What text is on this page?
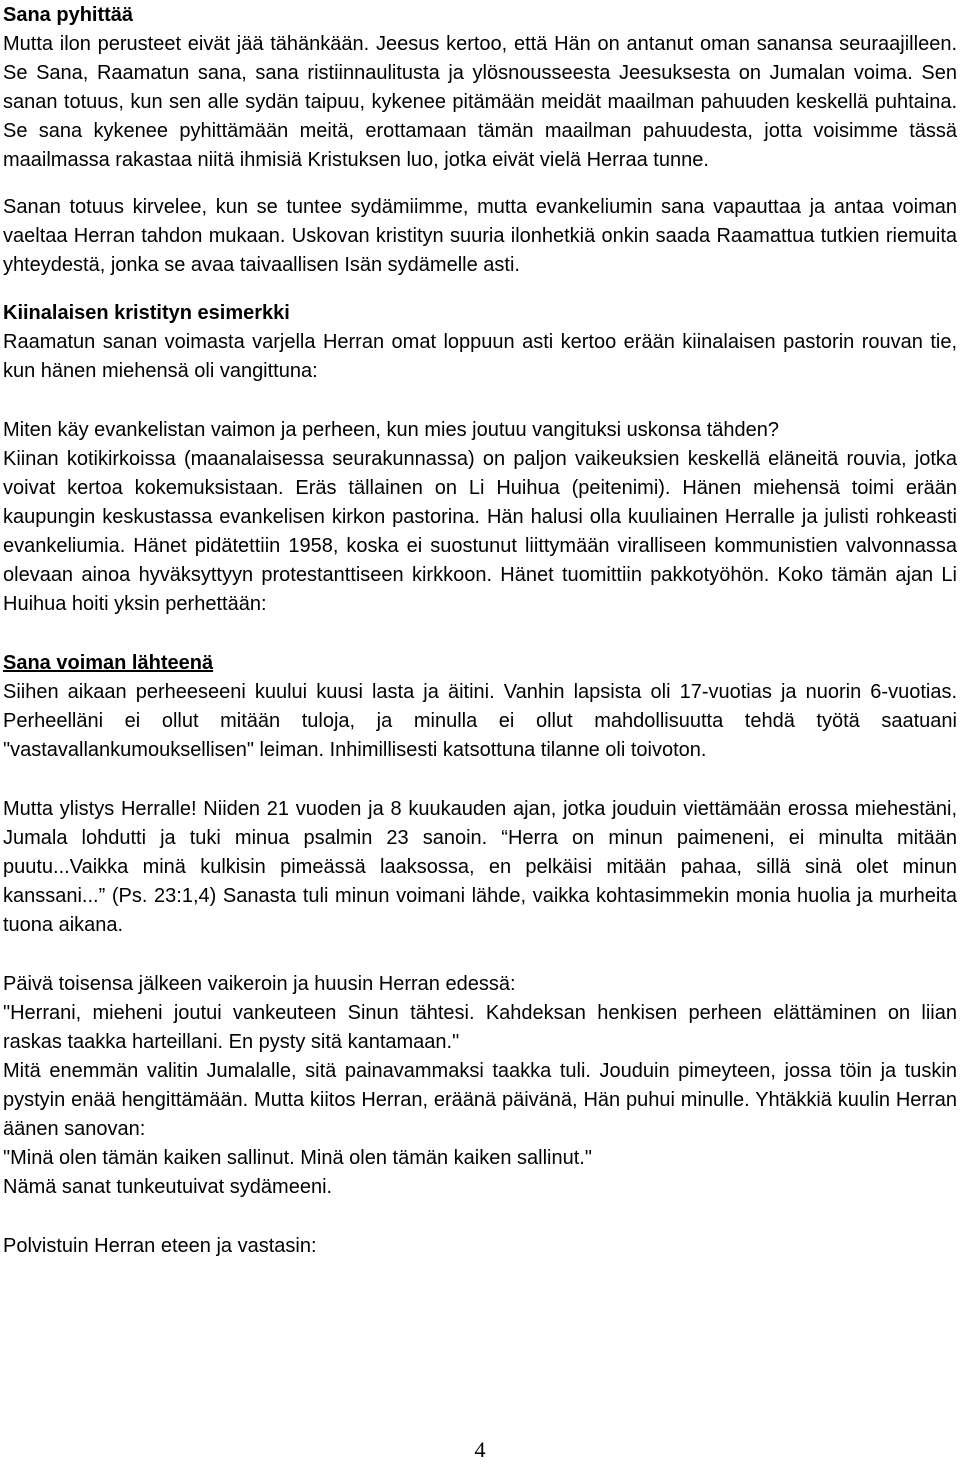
Sana pyhittää

Mutta ilon perusteet eivät jää tähänkään. Jeesus kertoo, että Hän on antanut oman sanansa seuraajilleen. Se Sana, Raamatun sana, sana ristiinnaulitusta ja ylösnousseesta Jeesuksesta on Jumalan voima. Sen sanan totuus, kun sen alle sydän taipuu, kykenee pitämään meidät maailman pahuuden keskellä puhtaina. Se sana kykenee pyhittämään meitä, erottamaan tämän maailman pahuudesta, jotta voisimme tässä maailmassa rakastaa niitä ihmisiä Kristuksen luo, jotka eivät vielä Herraa tunne.

Sanan totuus kirvelee, kun se tuntee sydämiimme, mutta evankeliumin sana vapauttaa ja antaa voiman vaeltaa Herran tahdon mukaan. Uskovan kristityn suuria ilonhetkiä onkin saada Raamattua tutkien riemuita yhteydestä, jonka se avaa taivaallisen Isän sydämelle asti.

Kiinalaisen kristityn esimerkki

Raamatun sanan voimasta varjella Herran omat loppuun asti kertoo erään kiinalaisen pastorin rouvan tie, kun hänen miehensä oli vangittuna:

Miten käy evankelistan vaimon ja perheen, kun mies joutuu vangituksi uskonsa tähden?

Kiinan kotikirkoissa (maanalaisessa seurakunnassa) on paljon vaikeuksien keskellä eläneitä rouvia, jotka voivat kertoa kokemuksistaan. Eräs tällainen on Li Huihua (peitenimi). Hänen miehensä toimi erään kaupungin keskustassa evankelisen kirkon pastorina. Hän halusi olla kuuliainen Herralle ja julisti rohkeasti evankeliumia. Hänet pidätettiin 1958, koska ei suostunut liittymään viralliseen kommunistien valvonnassa olevaan ainoa hyväksyttyyn protestanttiseen kirkkoon. Hänet tuomittiin pakkotyöhön. Koko tämän ajan Li Huihua hoiti yksin perhettään:

Sana voiman lähteenä

Siihen aikaan perheeseeni kuului kuusi lasta ja äitini. Vanhin lapsista oli 17-vuotias ja nuorin 6-vuotias. Perheelläni ei ollut mitään tuloja, ja minulla ei ollut mahdollisuutta tehdä työtä saatuani "vastavallankumouksellisen" leiman. Inhimillisesti katsottuna tilanne oli toivoton.

Mutta ylistys Herralle! Niiden 21 vuoden ja 8 kuukauden ajan, jotka jouduin viettämään erossa miehestäni, Jumala lohdutti ja tuki minua psalmin 23 sanoin. “Herra on minun paimeneni, ei minulta mitään puutu...Vaikka minä kulkisin pimeässä laaksossa, en pelkäisi mitään pahaa, sillä sinä olet minun kanssani...” (Ps. 23:1,4) Sanasta tuli minun voimani lähde, vaikka kohtasimmekin monia huolia ja murheita tuona aikana.

Päivä toisensa jälkeen vaikeroin ja huusin Herran edessä:

"Herrani, mieheni joutui vankeuteen Sinun tähtesi. Kahdeksan henkisen perheen elättäminen on liian raskas taakka harteillani. En pysty sitä kantamaan."

Mitä enemmän valitin Jumalalle, sitä painavammaksi taakka tuli. Jouduin pimeyteen, jossa töin ja tuskin pystyin enää hengittämään. Mutta kiitos Herran, eräänä päivänä, Hän puhui minulle. Yhtäkkiä kuulin Herran äänen sanovan:

"Minä olen tämän kaiken sallinut. Minä olen tämän kaiken sallinut."

Nämä sanat tunkeutuivat sydämeeni.

Polvistuin Herran eteen ja vastasin:

4
